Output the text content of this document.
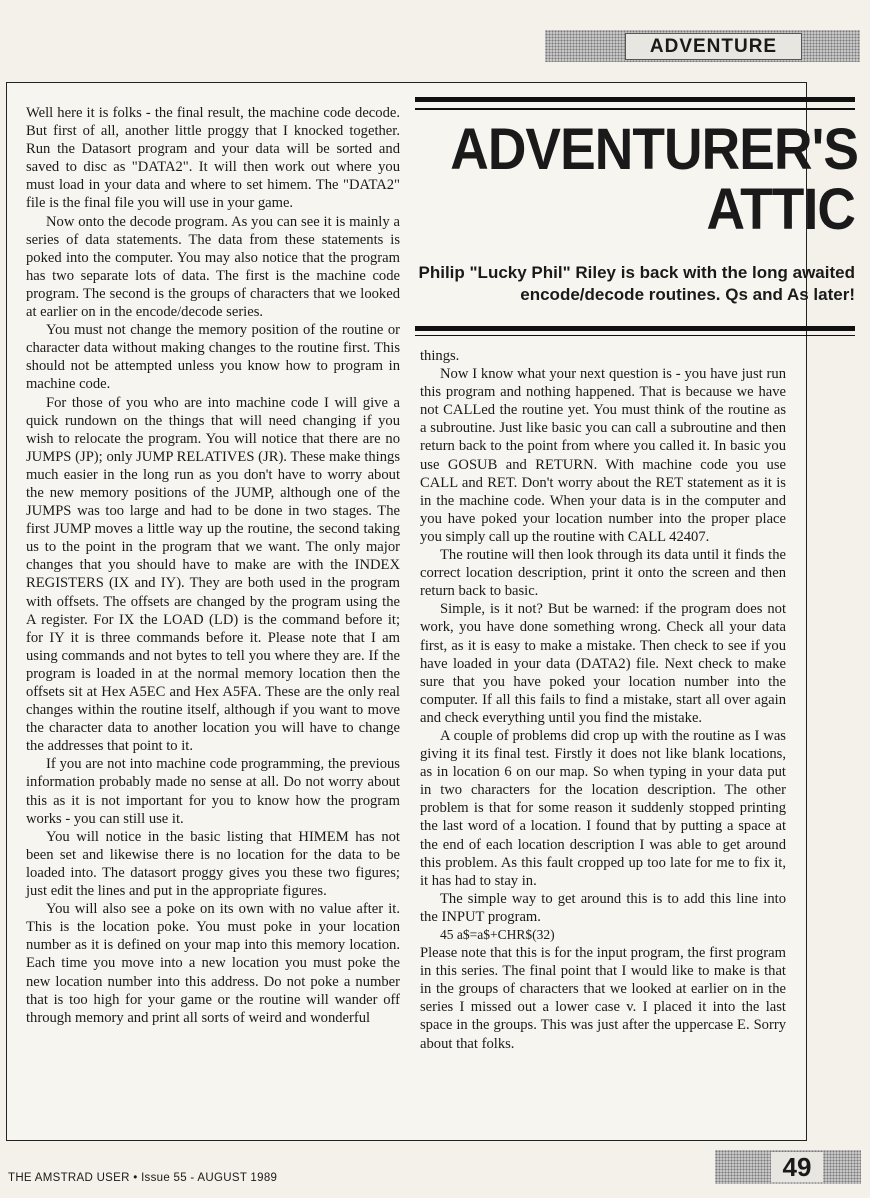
ADVENTURE
ADVENTURER'S
ATTIC
Philip "Lucky Phil" Riley is back with the long awaited encode/decode routines. Qs and As later!

Well here it is folks - the final result, the machine code decode. But first of all, another little proggy that I knocked together. Run the Datasort program and your data will be sorted and saved to disc as "DATA2". It will then work out where you must load in your data and where to set himem. The "DATA2" file is the final file you will use in your game.

Now onto the decode program. As you can see it is mainly a series of data statements. The data from these statements is poked into the computer. You may also notice that the program has two separate lots of data. The first is the machine code program. The second is the groups of characters that we looked at earlier on in the encode/decode series.

You must not change the memory position of the routine or character data without making changes to the routine first. This should not be attempted unless you know how to program in machine code.

For those of you who are into machine code I will give a quick rundown on the things that will need changing if you wish to relocate the program. You will notice that there are no JUMPS (JP); only JUMP RELATIVES (JR). These make things much easier in the long run as you don't have to worry about the new memory positions of the JUMP, although one of the JUMPS was too large and had to be done in two stages. The first JUMP moves a little way up the routine, the second taking us to the point in the program that we want. The only major changes that you should have to make are with the INDEX REGISTERS (IX and IY). They are both used in the program with offsets. The offsets are changed by the program using the A register. For IX the LOAD (LD) is the command before it; for IY it is three commands before it. Please note that I am using commands and not bytes to tell you where they are. If the program is loaded in at the normal memory location then the offsets sit at Hex A5EC and Hex A5FA. These are the only real changes within the routine itself, although if you want to move the character data to another location you will have to change the addresses that point to it.

If you are not into machine code programming, the previous information probably made no sense at all. Do not worry about this as it is not important for you to know how the program works - you can still use it.

You will notice in the basic listing that HIMEM has not been set and likewise there is no location for the data to be loaded into. The datasort proggy gives you these two figures; just edit the lines and put in the appropriate figures.

You will also see a poke on its own with no value after it. This is the location poke. You must poke in your location number as it is defined on your map into this memory location. Each time you move into a new location you must poke the new location number into this address. Do not poke a number that is too high for your game or the routine will wander off through memory and print all sorts of weird and wonderful

things.

Now I know what your next question is - you have just run this program and nothing happened. That is because we have not CALLed the routine yet. You must think of the routine as a subroutine. Just like basic you can call a subroutine and then return back to the point from where you called it. In basic you use GOSUB and RETURN. With machine code you use CALL and RET. Don't worry about the RET statement as it is in the machine code. When your data is in the computer and you have poked your location number into the proper place you simply call up the routine with CALL 42407.

The routine will then look through its data until it finds the correct location description, print it onto the screen and then return back to basic.

Simple, is it not? But be warned: if the program does not work, you have done something wrong. Check all your data first, as it is easy to make a mistake. Then check to see if you have loaded in your data (DATA2) file. Next check to make sure that you have poked your location number into the computer. If all this fails to find a mistake, start all over again and check everything until you find the mistake.

A couple of problems did crop up with the routine as I was giving it its final test. Firstly it does not like blank locations, as in location 6 on our map. So when typing in your data put in two characters for the location description. The other problem is that for some reason it suddenly stopped printing the last word of a location. I found that by putting a space at the end of each location description I was able to get around this problem. As this fault cropped up too late for me to fix it, it has had to stay in.

The simple way to get around this is to add this line into the INPUT program.

45 a$=a$+CHR$(32)

Please note that this is for the input program, the first program in this series. The final point that I would like to make is that in the groups of characters that we looked at earlier on in the series I missed out a lower case v. I placed it into the last space in the groups. This was just after the uppercase E. Sorry about that folks.

THE AMSTRAD USER • Issue 55 - AUGUST 1989	49
